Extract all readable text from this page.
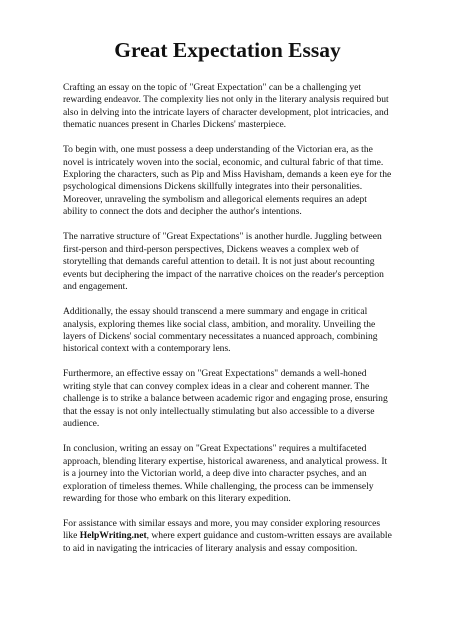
Great Expectation Essay

Crafting an essay on the topic of "Great Expectation" can be a challenging yet rewarding endeavor. The complexity lies not only in the literary analysis required but also in delving into the intricate layers of character development, plot intricacies, and thematic nuances present in Charles Dickens' masterpiece.

To begin with, one must possess a deep understanding of the Victorian era, as the novel is intricately woven into the social, economic, and cultural fabric of that time. Exploring the characters, such as Pip and Miss Havisham, demands a keen eye for the psychological dimensions Dickens skillfully integrates into their personalities. Moreover, unraveling the symbolism and allegorical elements requires an adept ability to connect the dots and decipher the author's intentions.

The narrative structure of "Great Expectations" is another hurdle. Juggling between first-person and third-person perspectives, Dickens weaves a complex web of storytelling that demands careful attention to detail. It is not just about recounting events but deciphering the impact of the narrative choices on the reader's perception and engagement.

Additionally, the essay should transcend a mere summary and engage in critical analysis, exploring themes like social class, ambition, and morality. Unveiling the layers of Dickens' social commentary necessitates a nuanced approach, combining historical context with a contemporary lens.

Furthermore, an effective essay on "Great Expectations" demands a well-honed writing style that can convey complex ideas in a clear and coherent manner. The challenge is to strike a balance between academic rigor and engaging prose, ensuring that the essay is not only intellectually stimulating but also accessible to a diverse audience.

In conclusion, writing an essay on "Great Expectations" requires a multifaceted approach, blending literary expertise, historical awareness, and analytical prowess. It is a journey into the Victorian world, a deep dive into character psyches, and an exploration of timeless themes. While challenging, the process can be immensely rewarding for those who embark on this literary expedition.

For assistance with similar essays and more, you may consider exploring resources like HelpWriting.net, where expert guidance and custom-written essays are available to aid in navigating the intricacies of literary analysis and essay composition.
